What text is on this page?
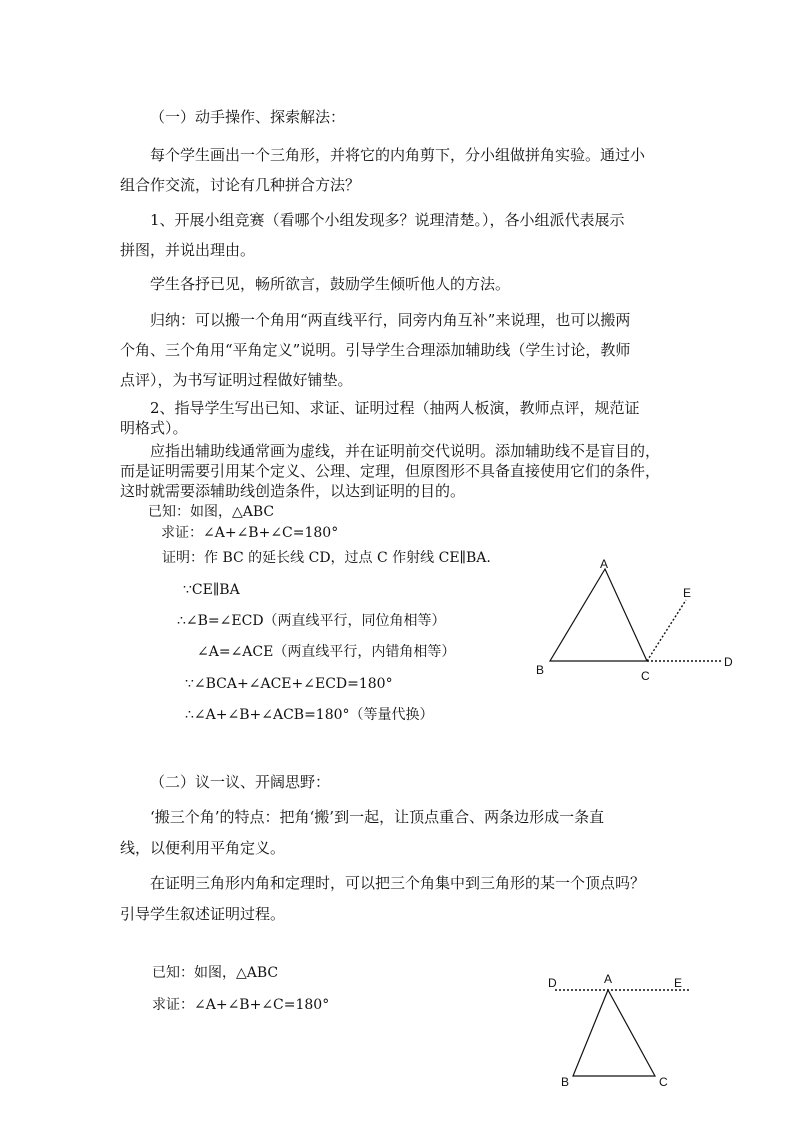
（一）动手操作、探索解法：
每个学生画出一个三角形，并将它的内角剪下，分小组做拼角实验。通过小
组合作交流，讨论有几种拼合方法？
1、开展小组竞赛（看哪个小组发现多？说理清楚。），各小组派代表展示
拼图，并说出理由。
学生各抒已见，畅所欲言，鼓励学生倾听他人的方法。
归纳：可以搬一个角用“两直线平行，同旁内角互补”来说理，也可以搬两
个角、三个角用“平角定义”说明。引导学生合理添加辅助线（学生讨论，教师
点评），为书写证明过程做好铺垫。
2、指导学生写出已知、求证、证明过程（抽两人板演，教师点评，规范证
明格式）。
应指出辅助线通常画为虚线，并在证明前交代说明。添加辅助线不是盲目的，
而是证明需要引用某个定义、公理、定理，但原图形不具备直接使用它们的条件，
这时就需要添辅助线创造条件，以达到证明的目的。
已知：如图，△ABC
求证：∠A+∠B+∠C=180°
证明：作 BC 的延长线 CD，过点 C 作射线 CE∥BA.
∵CE∥BA
∴∠B=∠ECD（两直线平行，同位角相等）
∠A=∠ACE（两直线平行，内错角相等）
∵∠BCA+∠ACE+∠ECD=180°
∴∠A+∠B+∠ACB=180°（等量代换）
A
B	C
D
E
（二）议一议、开阔思野：
‘搬三个角’的特点：把角‘搬’到一起，让顶点重合、两条边形成一条直
线，以便利用平角定义。
在证明三角形内角和定理时，可以把三个角集中到三角形的某一个顶点吗？
引导学生叙述证明过程。
已知：如图，△ABC
求证：∠A+∠B+∠C=180°
A
D	E
B	C
